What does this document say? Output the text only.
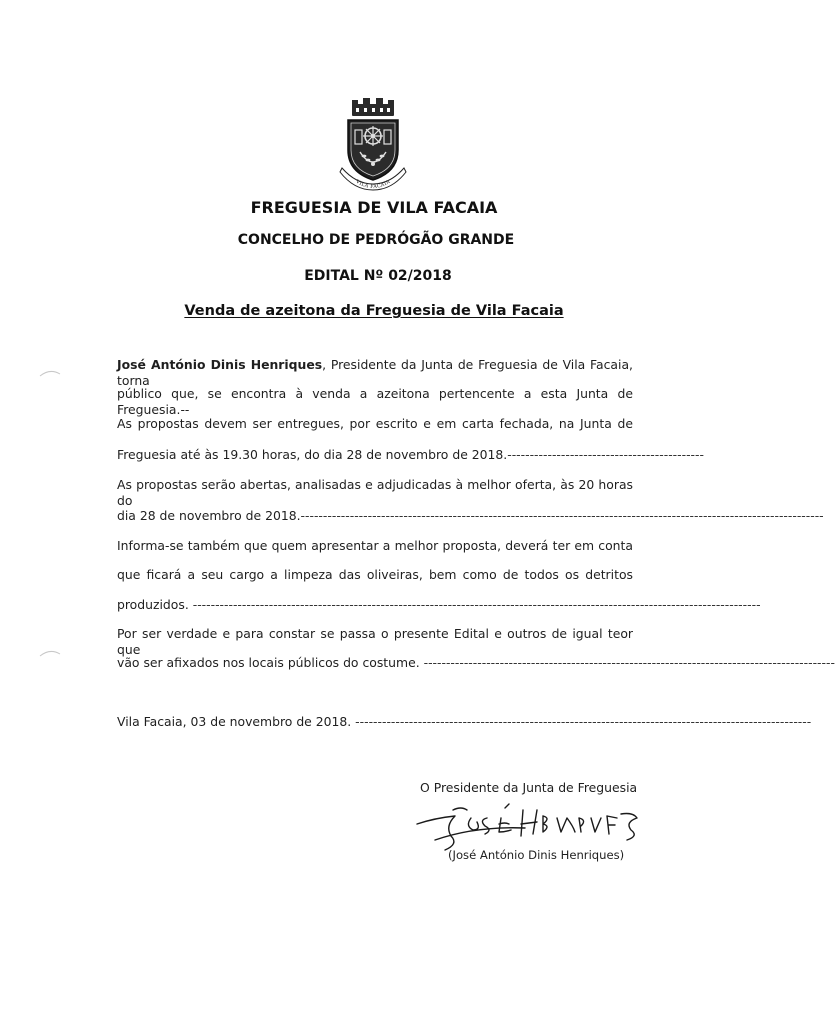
VILA FACAIA
FREGUESIA DE VILA FACAIA
CONCELHO DE PEDRÓGÃO GRANDE
EDITAL Nº 02/2018
Venda de azeitona da Freguesia de Vila Facaia
José António Dinis Henriques, Presidente da Junta de Freguesia de Vila Facaia, torna
público que, se encontra à venda a azeitona pertencente a esta Junta de Freguesia.--
As propostas devem ser entregues, por escrito e em carta fechada, na Junta de
Freguesia até às 19.30 horas, do dia 28 de novembro de 2018.--------------------------------------------
As propostas serão abertas, analisadas e adjudicadas à melhor oferta, às 20 horas do
dia 28 de novembro de 2018.---------------------------------------------------------------------------------------------------------------------
Informa-se também que quem apresentar a melhor proposta, deverá ter em conta
que ficará a seu cargo a limpeza das oliveiras, bem como de todos os detritos
produzidos. -------------------------------------------------------------------------------------------------------------------------------
Por ser verdade e para constar se passa o presente Edital e outros de igual teor que
vão ser afixados nos locais públicos do costume. --------------------------------------------------------------------------------------------
Vila Facaia, 03 de novembro de 2018. ------------------------------------------------------------------------------------------------------
O Presidente da Junta de Freguesia
(José António Dinis Henriques)
